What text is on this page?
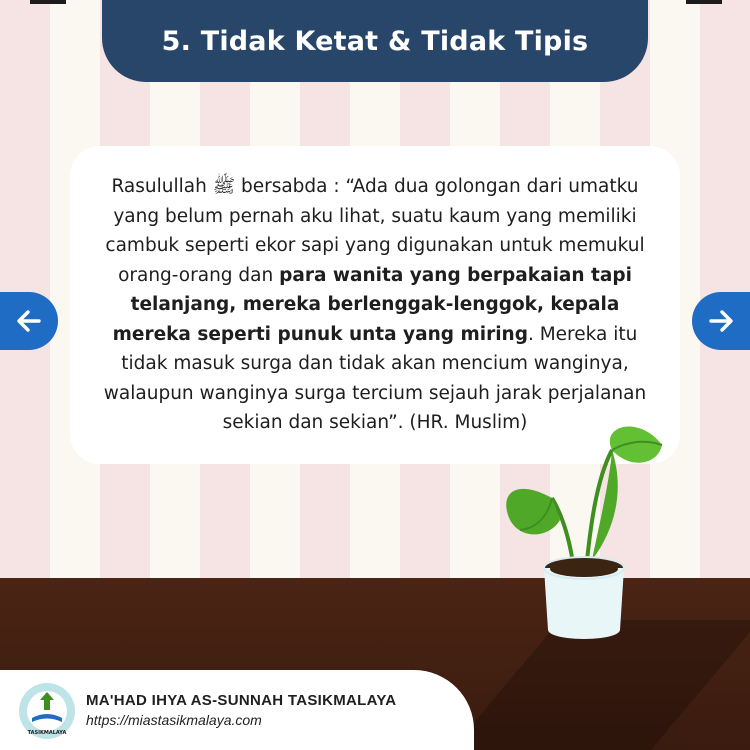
5. Tidak Ketat & Tidak Tipis
Rasulullah ﷺ bersabda : “Ada dua golongan dari umatku yang belum pernah aku lihat, suatu kaum yang memiliki cambuk seperti ekor sapi yang digunakan untuk memukul orang-orang dan para wanita yang berpakaian tapi telanjang, mereka berlenggak-lenggok, kepala mereka seperti punuk unta yang miring. Mereka itu tidak masuk surga dan tidak akan mencium wanginya, walaupun wanginya surga tercium sejauh jarak perjalanan sekian dan sekian”. (HR. Muslim)
TASIKMALAYA
MA'HAD IHYA AS-SUNNAH TASIKMALAYA
https://miastasikmalaya.com
